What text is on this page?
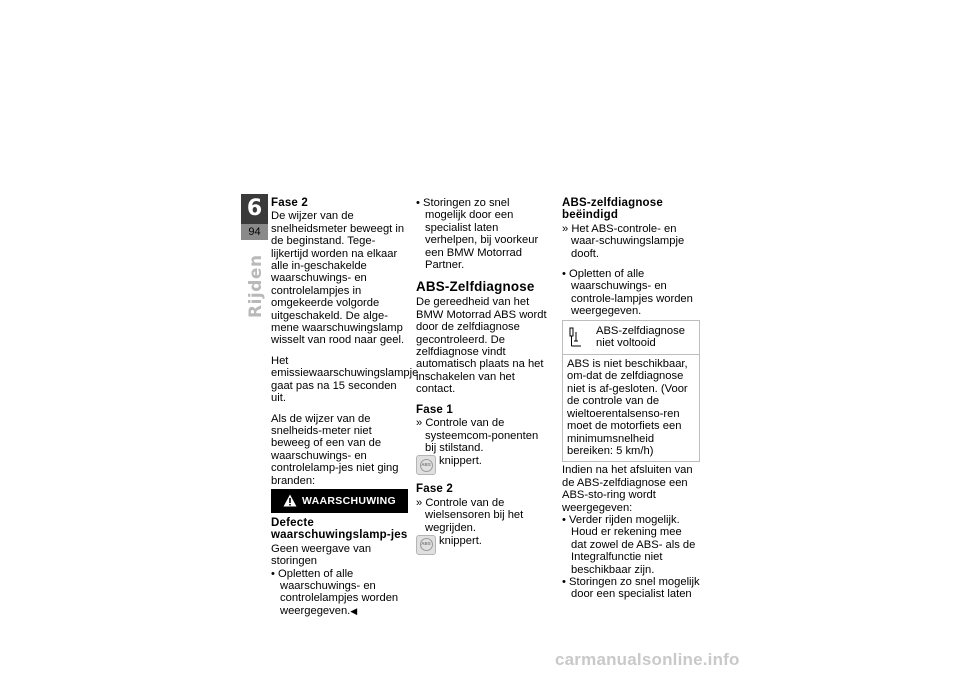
6
94
Rijden
Fase 2

De wijzer van de snelheidsmeter beweegt in de beginstand. Tege-lijkertijd worden na elkaar alle in-geschakelde waarschuwings- en controlelampjes in omgekeerde volgorde uitgeschakeld. De alge-mene waarschuwingslamp wisselt van rood naar geel.

Het emissiewaarschuwingslampje gaat pas na 15 seconden uit.

Als de wijzer van de snelheids-meter niet beweeg of een van de waarschuwings- en controlelamp-jes niet ging branden:

WAARSCHUWING
Defecte waarschuwingslamp-jes

Geen weergave van storingen

• Opletten of alle waarschuwings- en controlelampjes worden weergegeven.◀

• Storingen zo snel mogelijk door een specialist laten verhelpen, bij voorkeur een BMW Motorrad Partner.

ABS-Zelfdiagnose

De gereedheid van het BMW Motorrad ABS wordt door de zelfdiagnose gecontroleerd. De zelfdiagnose vindt automatisch plaats na het inschakelen van het contact.

Fase 1

» Controle van de systeemcom-ponenten bij stilstand.

ABS knippert.
Fase 2

» Controle van de wielsensoren bij het wegrijden.

ABS knippert.
ABS-zelfdiagnose beëindigd

» Het ABS-controle- en waar-schuwingslampje dooft.

• Opletten of alle waarschuwings- en controle-lampjes worden weergegeven.

ABS-zelfdiagnose niet voltooid
ABS is niet beschikbaar, om-dat de zelfdiagnose niet is af-gesloten. (Voor de controle van de wieltoerentalsenso-ren moet de motorfiets een minimumsnelheid bereiken: 5 km/h)

Indien na het afsluiten van de ABS-zelfdiagnose een ABS-sto-ring wordt weergegeven:

• Verder rijden mogelijk. Houd er rekening mee dat zowel de ABS- als de Integralfunctie niet beschikbaar zijn.

• Storingen zo snel mogelijk door een specialist laten

carmanualsonline.info
